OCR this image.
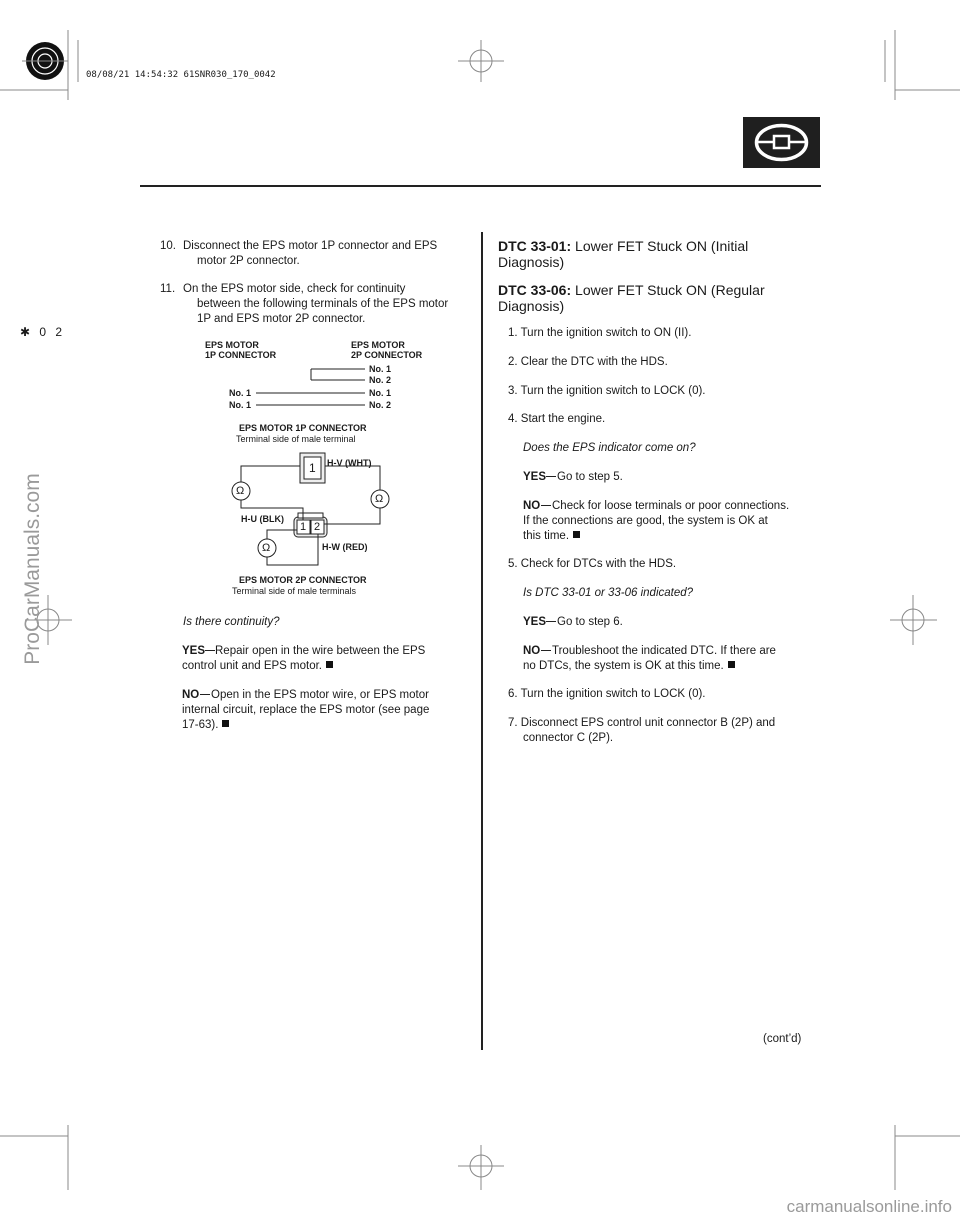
08/08/21 14:54:32 61SNR030_170_0042
✱ 0 2
ProCarManuals.com
carmanualsonline.info
10. Disconnect the EPS motor 1P connector and EPS
motor 2P connector.
11. On the EPS motor side, check for continuity
between the following terminals of the EPS motor
1P and EPS motor 2P connector.
EPS MOTOR
1P CONNECTOR
EPS MOTOR
2P CONNECTOR
No. 1
No. 2
No. 1	No. 1
No. 1	No. 2
EPS MOTOR 1P CONNECTOR
Terminal side of male terminal
1
1 2
Ω
Ω
Ω
H-V (WHT)
H-U (BLK)
H-W (RED)
EPS MOTOR 2P CONNECTOR
Terminal side of male terminals
Is there continuity?
YES Repair open in the wire between the EPS
control unit and EPS motor.
NO Open in the EPS motor wire, or EPS motor
internal circuit, replace the EPS motor (see page
17-63).
DTC 33-01: Lower FET Stuck ON (Initial
Diagnosis)
DTC 33-06: Lower FET Stuck ON (Regular
Diagnosis)
1. Turn the ignition switch to ON (II).
2. Clear the DTC with the HDS.
3. Turn the ignition switch to LOCK (0).
4. Start the engine.
Does the EPS indicator come on?
YES Go to step 5.
NO Check for loose terminals or poor connections.
If the connections are good, the system is OK at
this time.
5. Check for DTCs with the HDS.
Is DTC 33-01 or 33-06 indicated?
YES Go to step 6.
NO Troubleshoot the indicated DTC. If there are
no DTCs, the system is OK at this time.
6. Turn the ignition switch to LOCK (0).
7. Disconnect EPS control unit connector B (2P) and
connector C (2P).
(cont’d)
